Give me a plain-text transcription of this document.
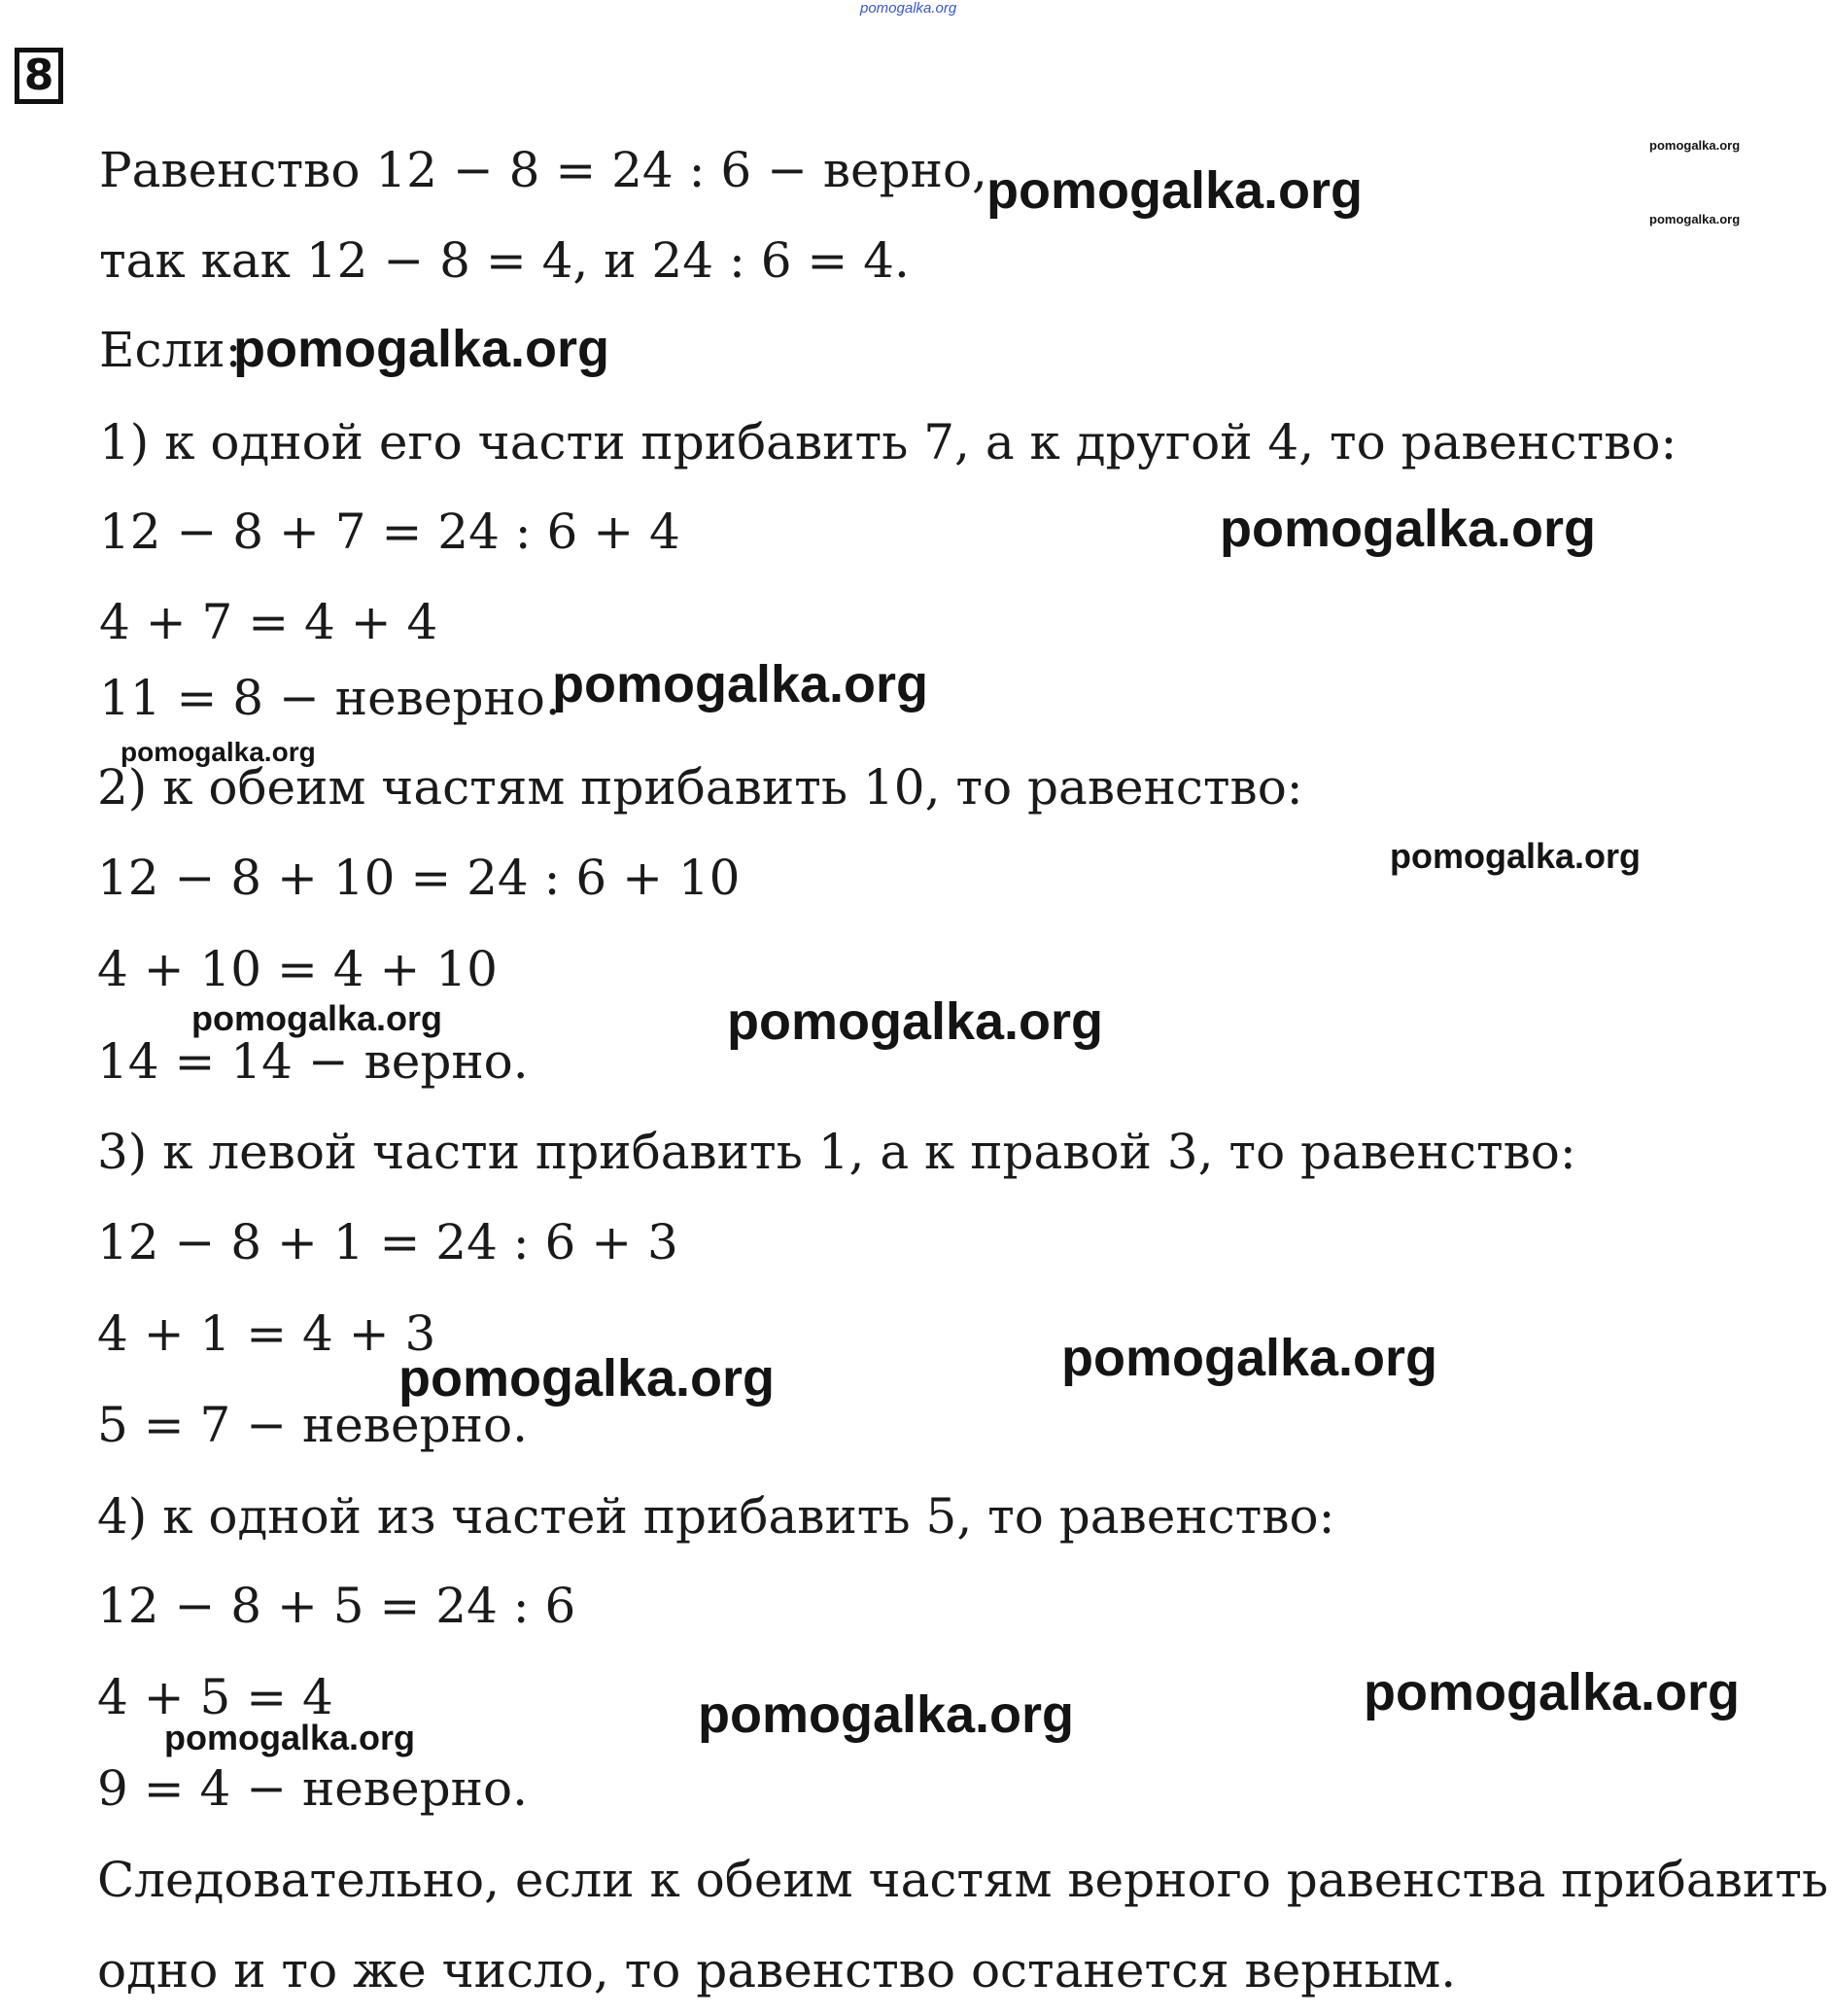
pomogalka.org
8
Равенство 12 − 8 = 24 : 6 − верно,
так как 12 − 8 = 4, и 24 : 6 = 4.
Если:
1) к одной его части прибавить 7, а к другой 4, то равенство:
12 − 8 + 7 = 24 : 6 + 4
4 + 7 = 4 + 4
11 = 8 − неверно.
2) к обеим частям прибавить 10, то равенство:
12 − 8 + 10 = 24 : 6 + 10
4 + 10 = 4 + 10
14 = 14 − верно.
3) к левой части прибавить 1, а к правой 3, то равенство:
12 − 8 + 1 = 24 : 6 + 3
4 + 1 = 4 + 3
5 = 7 − неверно.
4) к одной из частей прибавить 5, то равенство:
12 − 8 + 5 = 24 : 6
4 + 5 = 4
9 = 4 − неверно.
Следовательно, если к обеим частям верного равенства прибавить
одно и то же число, то равенство останется верным.
pomogalka.org
pomogalka.org
pomogalka.org
pomogalka.org
pomogalka.org
pomogalka.org
pomogalka.org
pomogalka.org
pomogalka.org	pomogalka.org
pomogalka.org
pomogalka.org
pomogalka.org
pomogalka.org
pomogalka.org
